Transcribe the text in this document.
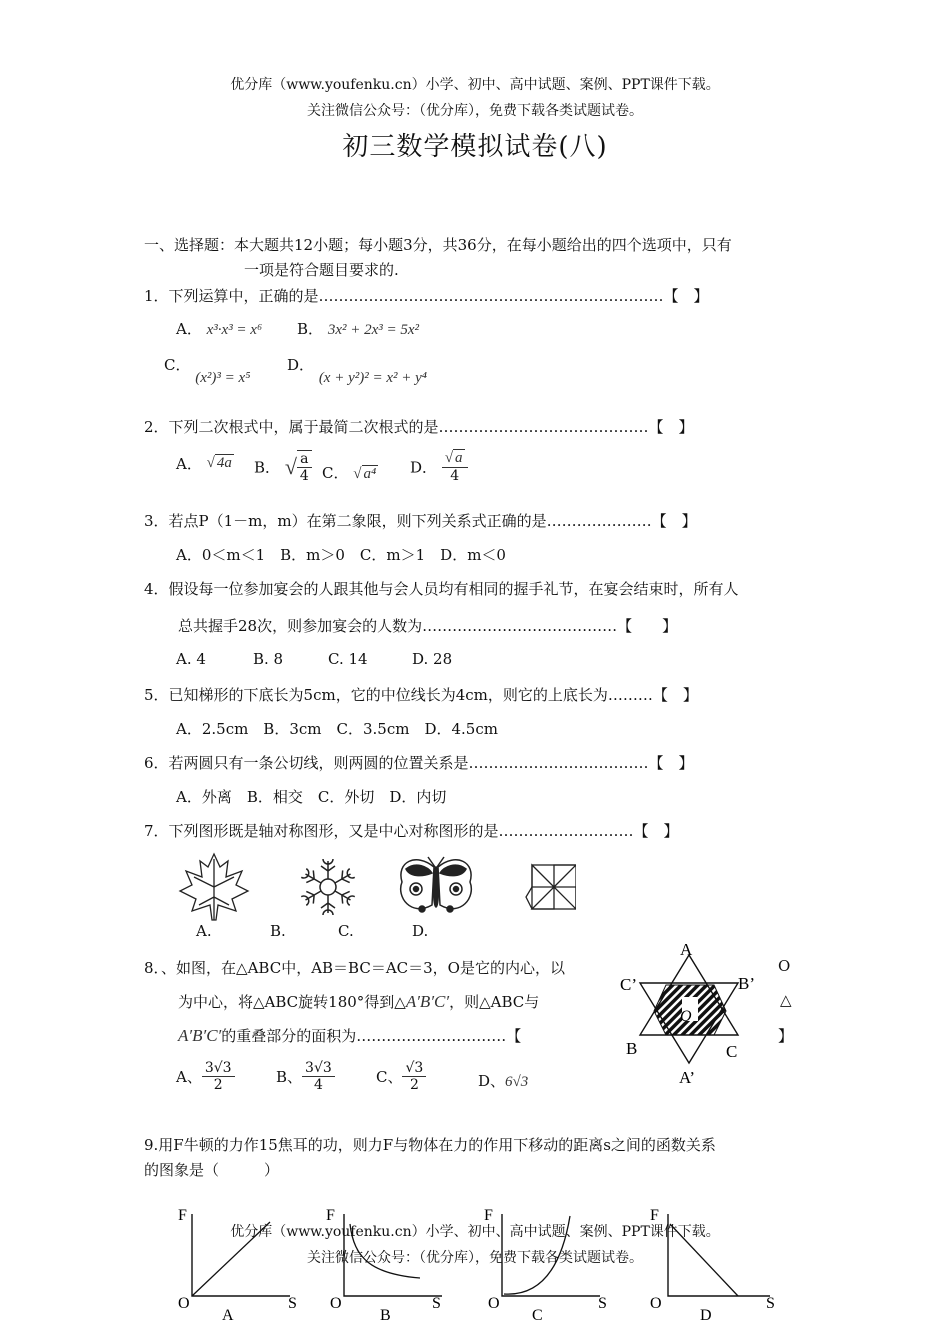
优分库（www.youfenku.cn）小学、初中、高中试题、案例、PPT课件下载。
关注微信公众号：（优分库），免费下载各类试题试卷。
初三数学模拟试卷(八)
一、选择题：本大题共12小题；每小题3分，共36分，在每小题给出的四个选项中，只有
一项是符合题目要求的.
1．下列运算中，正确的是……………………………………………………………【　】
A． x³·x³ = x⁶ B． 3x² + 2x³ = 5x²
C． (x²)³ = x⁵
D． (x + y²)² = x² + y⁴
2．下列二次根式中，属于最简二次根式的是……………………………………【　】
A． √ 4a B． √ $\frac{a}{4}$ C． √ a⁴ D． $\frac{√ a}{4}$
3．若点P（1－m，m）在第二象限，则下列关系式正确的是…………………【　】
A．0＜m＜1　B．m＞0　C．m＞1　D．m＜0
4．假设每一位参加宴会的人跟其他与会人员均有相同的握手礼节，在宴会结束时，所有人
总共握手28次，则参加宴会的人数为…………………………………【　　】
A. 4	B. 8	C. 14	D. 28
5．已知梯形的下底长为5cm，它的中位线长为4cm，则它的上底长为………【　】
A．2.5cm　B．3cm　C．3.5cm　D．4.5cm
6．若两圆只有一条公切线，则两圆的位置关系是………………………………【　】
A．外离　B．相交　C．外切　D．内切
7．下列图形既是轴对称图形，又是中心对称图形的是………………………【　】
A.	B.	C.	D.
8．、如图，在△ABC中，AB＝BC＝AC＝3，O是它的内心，以
为中心，将△ABC旋转180°得到△A′B′C′，则△ABC与
A′B′C′的重叠部分的面积为…………………………【
O
△
】
A、 $\frac{3√3}{2}$	B、 $\frac{3√3}{4}$	C、 $\frac{√3}{2}$	D、6√3
A
B’
C’
B	C
A’
O
9.用F牛顿的力作15焦耳的功，则力F与物体在力的作用下移动的距离s之间的函数关系
的图象是（　　　）
F
O	S
A
F
O	S
B
F
O	S
C
F
O	S
D
优分库（www.youfenku.cn）小学、初中、高中试题、案例、PPT课件下载。
关注微信公众号：（优分库），免费下载各类试题试卷。
